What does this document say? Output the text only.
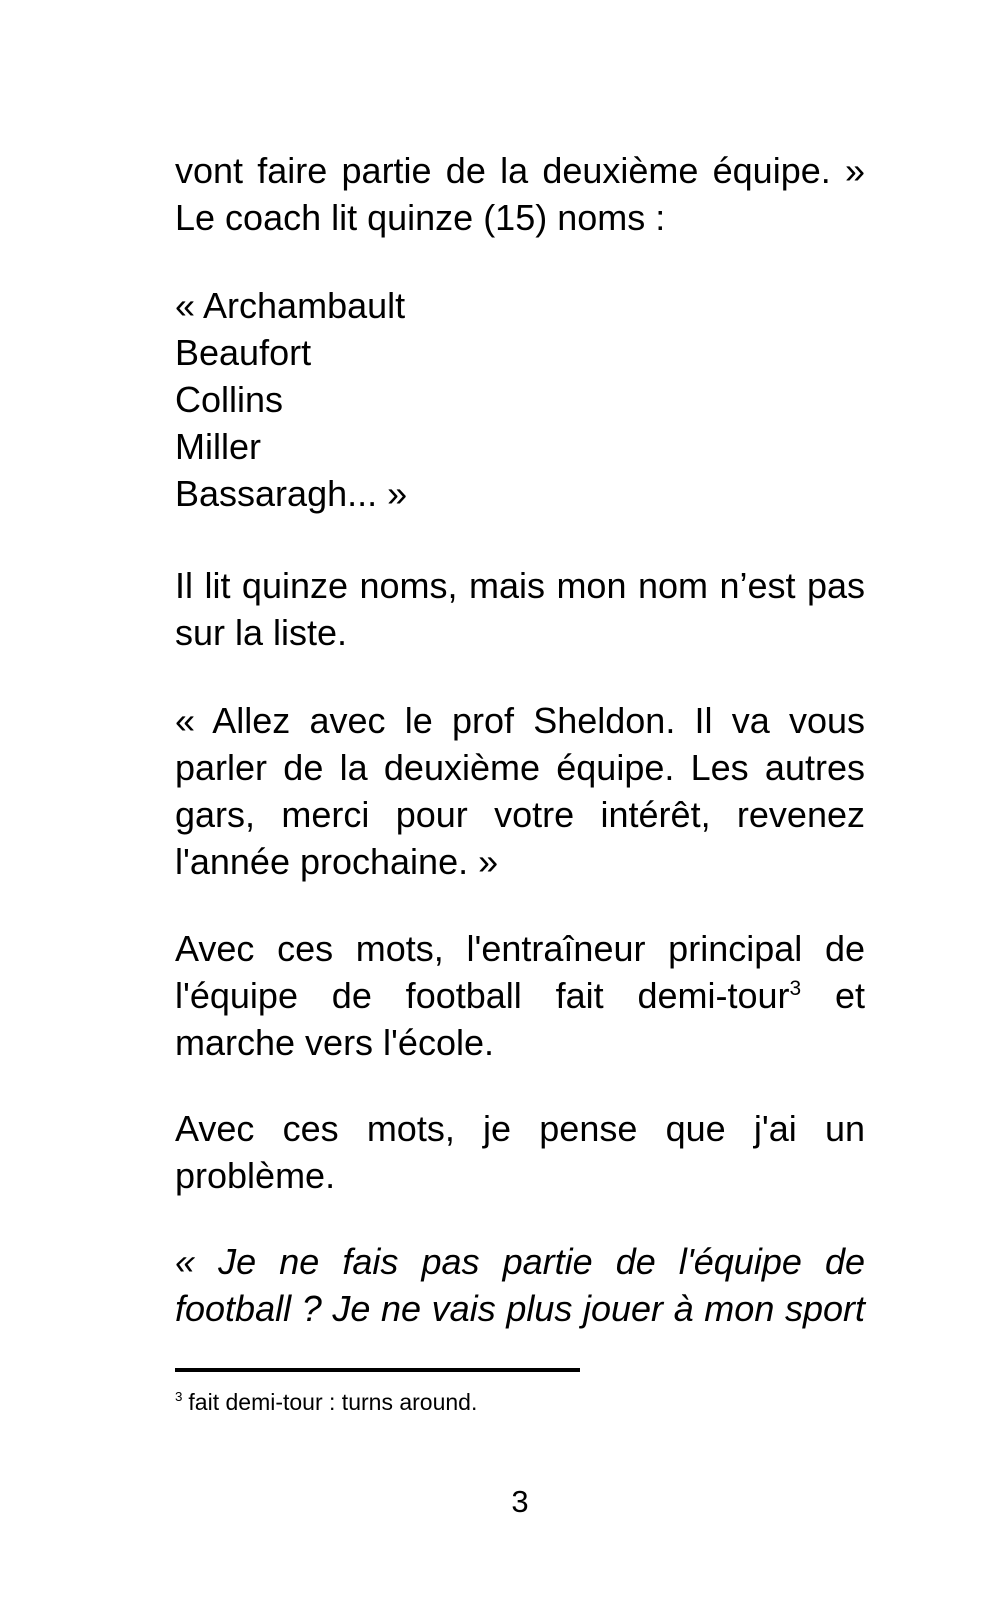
vont faire partie de la deuxième équipe. » Le coach lit quinze (15) noms :

« Archambault
Beaufort
Collins
Miller
Bassaragh... »

Il lit quinze noms, mais mon nom n’est pas sur la liste.

« Allez avec le prof Sheldon. Il va vous parler de la deuxième équipe. Les autres gars, merci pour votre intérêt, revenez l'année prochaine. »

Avec ces mots, l'entraîneur principal de l'équipe de football fait demi-tour$^3$ et marche vers l'école.

Avec ces mots, je pense que j'ai un problème.

« Je ne fais pas partie de l'équipe de football ? Je ne vais plus jouer à mon sport

$^3$ fait demi-tour : turns around.
3
